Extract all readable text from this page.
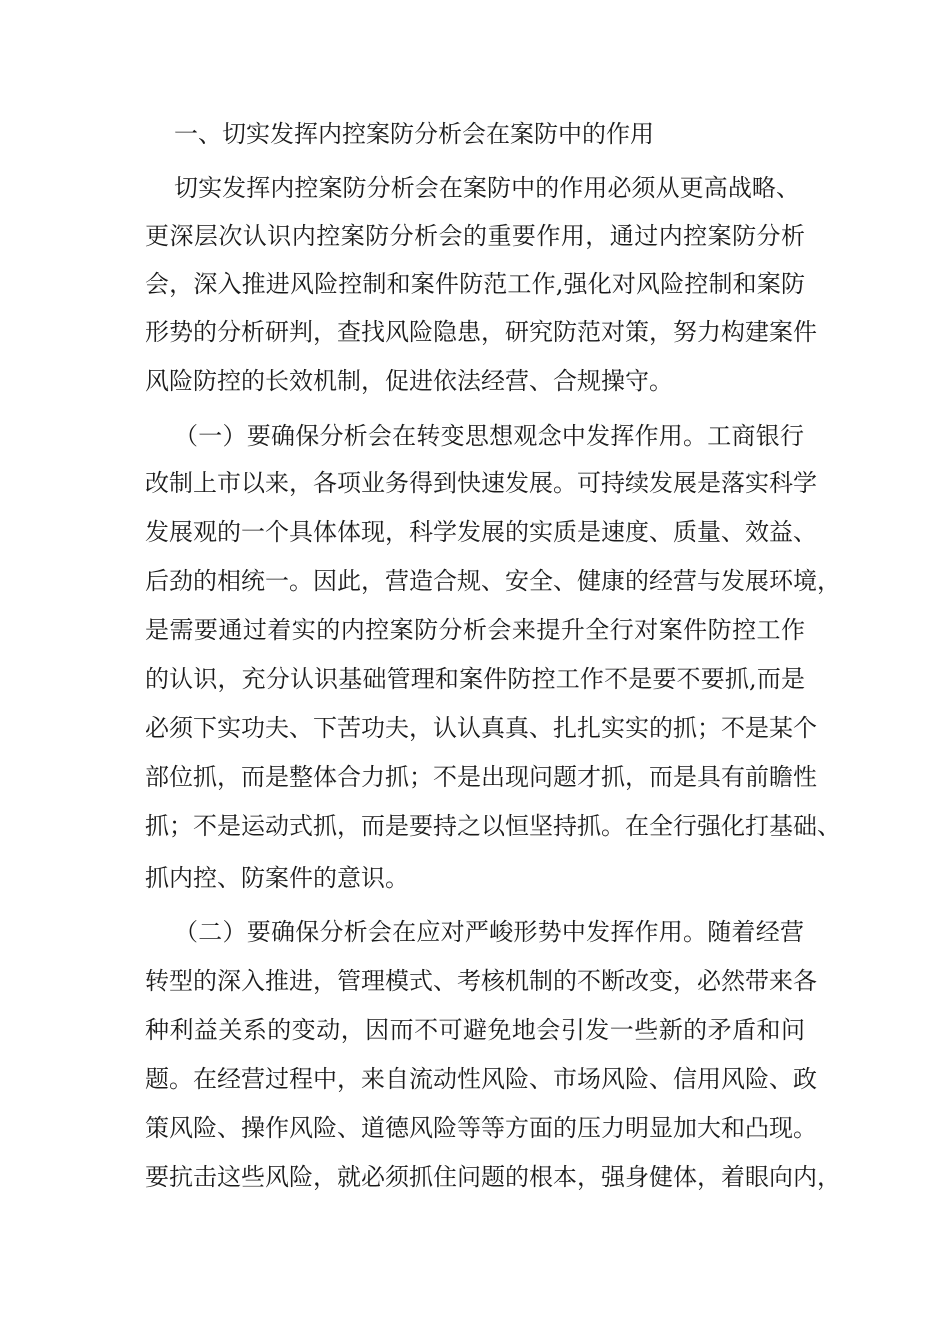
一、切实发挥内控案防分析会在案防中的作用
切实发挥内控案防分析会在案防中的作用必须从更高战略、
更深层次认识内控案防分析会的重要作用，通过内控案防分析
会，深入推进风险控制和案件防范工作,强化对风险控制和案防
形势的分析研判，查找风险隐患，研究防范对策，努力构建案件
风险防控的长效机制，促进依法经营、合规操守。
（一）要确保分析会在转变思想观念中发挥作用。工商银行
改制上市以来，各项业务得到快速发展。可持续发展是落实科学
发展观的一个具体体现，科学发展的实质是速度、质量、效益、
后劲的相统一。因此，营造合规、安全、健康的经营与发展环境，
是需要通过着实的内控案防分析会来提升全行对案件防控工作
的认识，充分认识基础管理和案件防控工作不是要不要抓,而是
必须下实功夫、下苦功夫，认认真真、扎扎实实的抓；不是某个
部位抓，而是整体合力抓；不是出现问题才抓，而是具有前瞻性
抓；不是运动式抓，而是要持之以恒坚持抓。在全行强化打基础、
抓内控、防案件的意识。
（二）要确保分析会在应对严峻形势中发挥作用。随着经营
转型的深入推进，管理模式、考核机制的不断改变，必然带来各
种利益关系的变动，因而不可避免地会引发一些新的矛盾和问
题。在经营过程中，来自流动性风险、市场风险、信用风险、政
策风险、操作风险、道德风险等等方面的压力明显加大和凸现。
要抗击这些风险，就必须抓住问题的根本，强身健体，着眼向内，
